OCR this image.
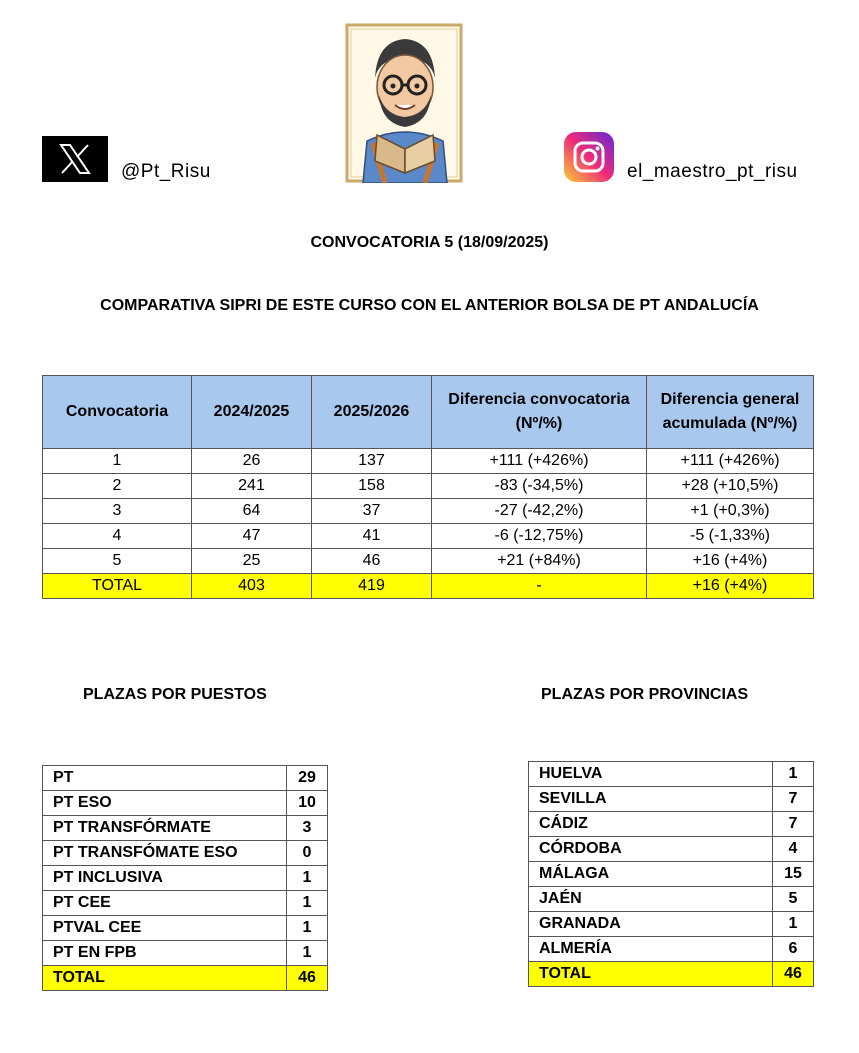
@Pt_Risu	el_maestro_pt_risu
CONVOCATORIA 5 (18/09/2025)
COMPARATIVA SIPRI DE ESTE CURSO CON EL ANTERIOR BOLSA DE PT ANDALUCÍA
Convocatoria	2024/2025	2025/2026	Diferencia convocatoria (Nº/%)	Diferencia general acumulada (Nº/%)
1	26	137	+111 (+426%)	+111 (+426%)
2	241	158	-83 (-34,5%)	+28 (+10,5%)
3	64	37	-27 (-42,2%)	+1 (+0,3%)
4	47	41	-6 (-12,75%)	-5 (-1,33%)
5	25	46	+21 (+84%)	+16 (+4%)
TOTAL	403	419	-	+16 (+4%)
PLAZAS POR PUESTOS	PLAZAS POR PROVINCIAS
PT	29
PT ESO	10
PT TRANSFÓRMATE	3
PT TRANSFÓMATE ESO	0
PT INCLUSIVA	1
PT CEE	1
PTVAL CEE	1
PT EN FPB	1
TOTAL	46
HUELVA	1
SEVILLA	7
CÁDIZ	7
CÓRDOBA	4
MÁLAGA	15
JAÉN	5
GRANADA	1
ALMERÍA	6
TOTAL	46
